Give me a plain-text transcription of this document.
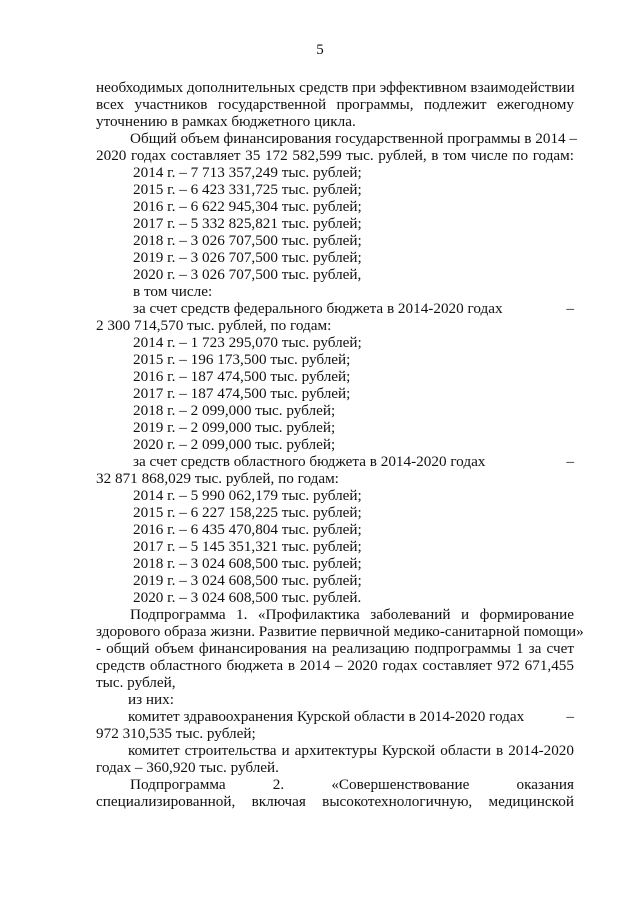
5
необходимых дополнительных средств при эффективном взаимодействии
всех участников государственной программы, подлежит ежегодному
уточнению в рамках бюджетного цикла.
Общий объем финансирования государственной программы в 2014 –
2020 годах составляет 35 172 582,599 тыс. рублей, в том числе по годам:
2014 г. – 7 713 357,249 тыс. рублей;
2015 г. – 6 423 331,725 тыс. рублей;
2016 г. – 6 622 945,304 тыс. рублей;
2017 г. – 5 332 825,821 тыс. рублей;
2018 г. – 3 026 707,500 тыс. рублей;
2019 г. – 3 026 707,500 тыс. рублей;
2020 г. – 3 026 707,500 тыс. рублей,
в том числе:
за счет средств федерального бюджета в 2014-2020 годах	–
2 300 714,570 тыс. рублей, по годам:
2014 г. – 1 723 295,070 тыс. рублей;
2015 г. – 196 173,500 тыс. рублей;
2016 г. – 187 474,500 тыс. рублей;
2017 г. – 187 474,500 тыс. рублей;
2018 г. – 2 099,000 тыс. рублей;
2019 г. – 2 099,000 тыс. рублей;
2020 г. – 2 099,000 тыс. рублей;
за счет средств областного бюджета в 2014-2020 годах	–
32 871 868,029 тыс. рублей, по годам:
2014 г. – 5 990 062,179 тыс. рублей;
2015 г. – 6 227 158,225 тыс. рублей;
2016 г. – 6 435 470,804 тыс. рублей;
2017 г. – 5 145 351,321 тыс. рублей;
2018 г. – 3 024 608,500 тыс. рублей;
2019 г. – 3 024 608,500 тыс. рублей;
2020 г. – 3 024 608,500 тыс. рублей.
Подпрограмма 1. «Профилактика заболеваний и формирование
здорового образа жизни. Развитие первичной медико-санитарной помощи»
- общий объем финансирования на реализацию подпрограммы 1 за счет
средств областного бюджета в 2014 – 2020 годах составляет 972 671,455
тыс. рублей,
из них:
комитет здравоохранения Курской области в 2014-2020 годах	–
972 310,535 тыс. рублей;
комитет строительства и архитектуры Курской области в 2014-2020
годах – 360,920 тыс. рублей.
Подпрограмма 2. «Совершенствование оказания
специализированной, включая высокотехнологичную, медицинской
